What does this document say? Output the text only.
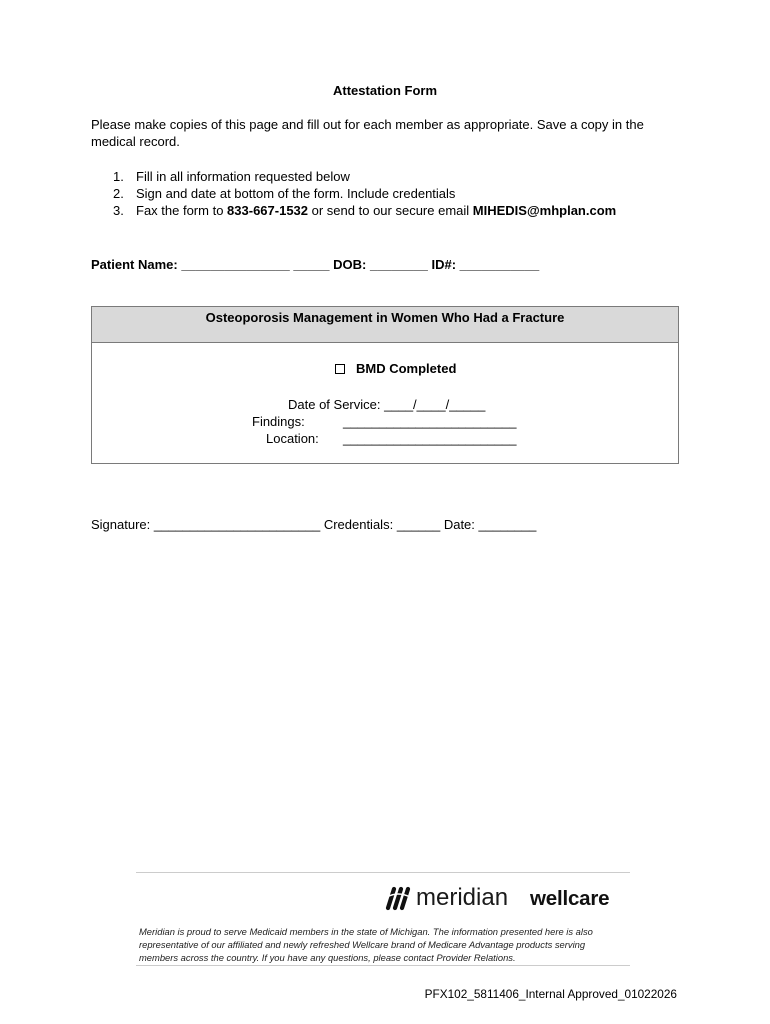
Attestation Form
Please make copies of this page and fill out for each member as appropriate. Save a copy in the
medical record.
1. Fill in all information requested below
2. Sign and date at bottom of the form. Include credentials
3. Fax the form to 833-667-1532 or send to our secure email MIHEDIS@mhplan.com
Patient Name: _______________ _____ DOB: ________ ID#: ___________
Osteoporosis Management in Women Who Had a Fracture
BMD Completed
Date of Service: ____/____/_____
Findings:	________________________
Location: ________________________
Signature: _______________________ Credentials: ______ Date: ________
meridian wellcare
Meridian is proud to serve Medicaid members in the state of Michigan. The information presented here is also
representative of our affiliated and newly refreshed Wellcare brand of Medicare Advantage products serving
members across the country. If you have any questions, please contact Provider Relations.
PFX102_5811406_Internal Approved_01022026
